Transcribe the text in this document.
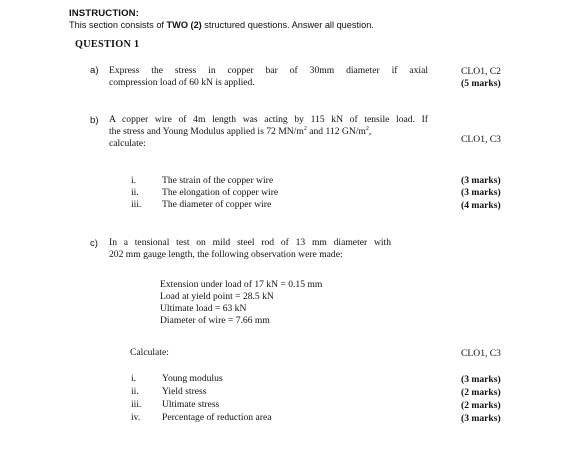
INSTRUCTION:
This section consists of TWO (2) structured questions. Answer all question.
QUESTION 1
a) Express the stress in copper bar of 30mm diameter if axial
compression load of 60 kN is applied.
CLO1, C2
(5 marks)
b) A copper wire of 4m length was acting by 115 kN of tensile load. If
the stress and Young Modulus applied is 72 $MN/m^2$ and 112 $GN/m^2$,
calculate:	CLO1, C3
i.	The strain of the copper wire	(3 marks)
ii. The elongation of copper wire	(3 marks)
iii. The diameter of copper wire	(4 marks)
c) In a tensional test on mild steel rod of 13 mm diameter with
202 mm gauge length, the following observation were made:
Extension under load of 17 kN = 0.15 mm
Load at yield point = 28.5 kN
Ultimate load = 63 kN
Diameter of wire = 7.66 mm
Calculate:	CLO1, C3
i.	Young modulus	(3 marks)
ii. Yield stress	(2 marks)
iii. Ultimate stress	(2 marks)
iv. Percentage of reduction area	(3 marks)
